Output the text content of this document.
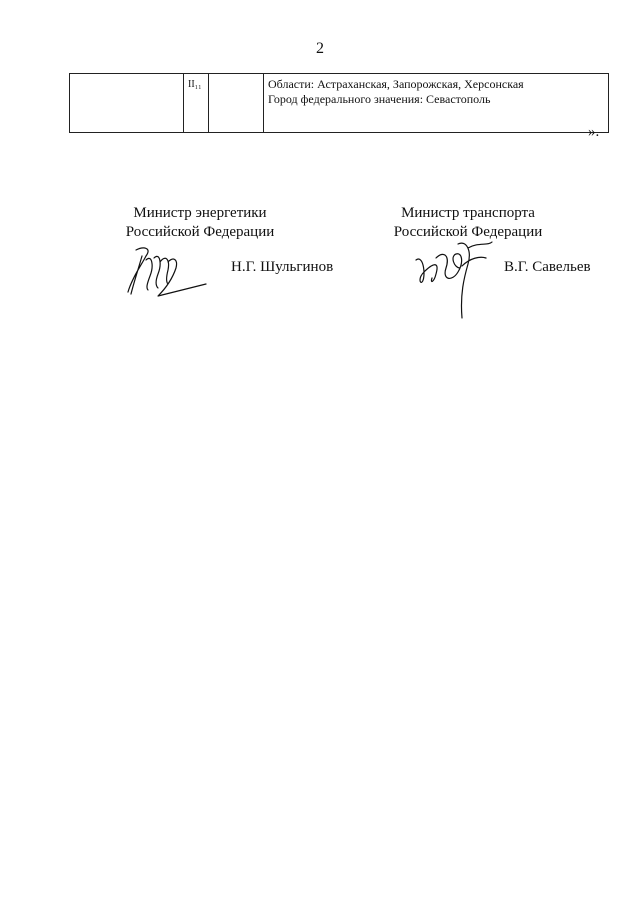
2
	II₁₁		Области: Астраханская, Запорожская, Херсонская
Город федерального значения: Севастополь
».
Министр энергетики
Российской Федерации
Н.Г. Шульгинов
Министр транспорта
Российской Федерации
В.Г. Савельев
